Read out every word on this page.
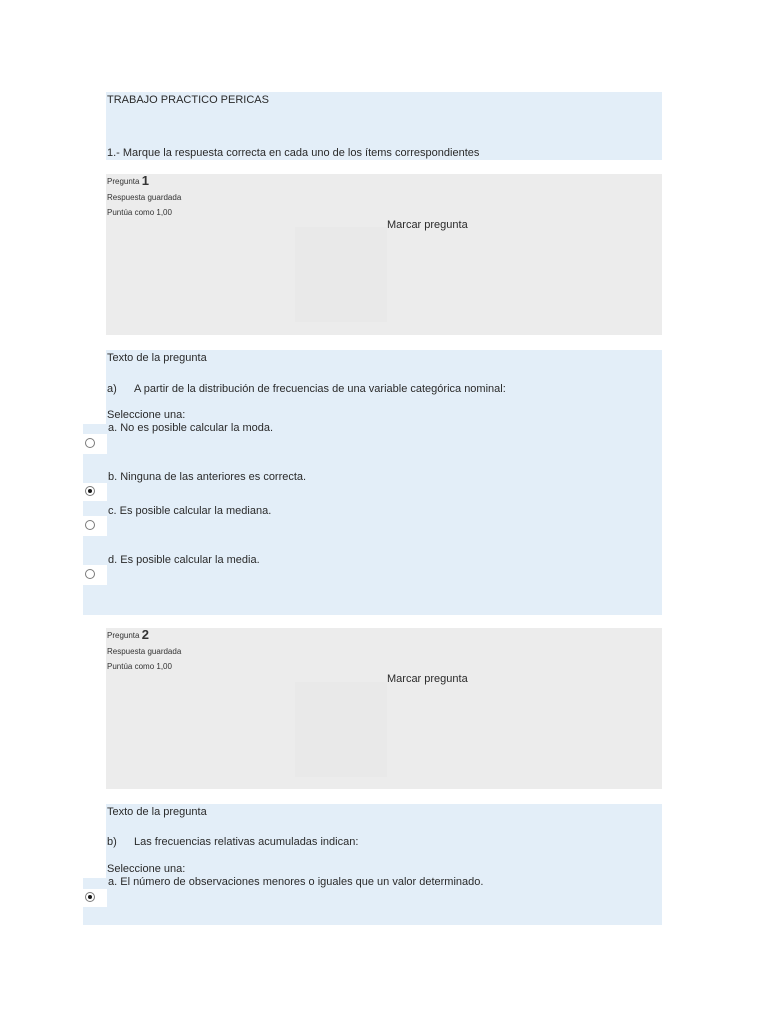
TRABAJO PRACTICO PERICAS
1.- Marque la respuesta correcta en cada uno de los ítems correspondientes
Pregunta 1
Respuesta guardada
Puntúa como 1,00
Marcar pregunta
Texto de la pregunta
a) A partir de la distribución de frecuencias de una variable categórica nominal:
Seleccione una:
a. No es posible calcular la moda.
b. Ninguna de las anteriores es correcta.
c. Es posible calcular la mediana.
d. Es posible calcular la media.
Pregunta 2
Respuesta guardada
Puntúa como 1,00
Marcar pregunta
Texto de la pregunta
b) Las frecuencias relativas acumuladas indican:
Seleccione una:
a. El número de observaciones menores o iguales que un valor determinado.
